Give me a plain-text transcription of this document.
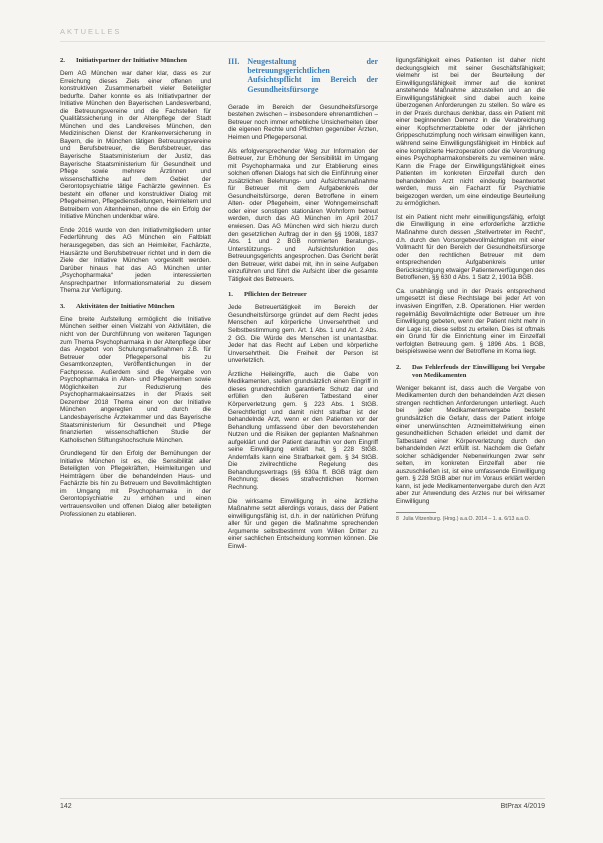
AKTUELLES
2.	Initiativpartner der Initiative München

Dem AG München war daher klar, dass es zur Erreichung dieses Ziels einer offenen und konstruktiven Zusammenarbeit vieler Beteiligter bedurfte. Daher konnte es als Initiativpartner der Initiative München den Bayerischen Landesverband, die Betreuungsvereine und die Fachstellen für Qualitätssicherung in der Altenpflege der Stadt München und des Landkreises München, den Medizinischen Dienst der Krankenversicherung in Bayern, die in München tätigen Betreuungsvereine und Berufsbetreuer, die Berufsbetreuer, das Bayerische Staatsministerium der Justiz, das Bayerische Staatsministerium für Gesundheit und Pflege sowie mehrere Ärztinnen und wissenschaftliche auf dem Gebiet der Gerontopsychiatrie tätige Fachärzte gewinnen. Es besteht ein offener und konstruktiver Dialog mit Pflegeheimen, Pflegedienstleitungen, Heimleitern und Betreibern von Altenheimen, ohne die ein Erfolg der Initiative München undenkbar wäre.

Ende 2016 wurde von den Initiativmitgliedern unter Federführung des AG München ein Faltblatt herausgegeben, das sich an Heimleiter, Fachärzte, Hausärzte und Berufsbetreuer richtet und in dem die Ziele der Initiative München vorgestellt werden. Darüber hinaus hat das AG München unter „Psychopharmaka“ jeden interessierten Ansprechpartner Informationsmaterial zu diesem Thema zur Verfügung.

3.	Aktivitäten der Initiative München

Eine breite Aufstellung ermöglicht die Initiative München seither einen Vielzahl von Aktivitäten, die nicht von der Durchführung von weiteren Tagungen zum Thema Psychopharmaka in der Altenpflege über das Angebot von Schulungsmaßnahmen z.B. für Betreuer oder Pflegepersonal bis zu Gesamtkonzepten, Veröffentlichungen in der Fachpresse. Außerdem sind die Vergabe von Psychopharmaka in Alten- und Pflegeheimen sowie Möglichkeiten zur Reduzierung des Psychopharmakaeinsatzes in der Praxis seit Dezember 2018 Thema einer von der Initiative München angeregten und durch die Landesbayerische Ärztekammer und das Bayerische Staatsministerium für Gesundheit und Pflege finanzierten wissenschaftlichen Studie der Katholischen Stiftungshochschule München.

Grundlegend für den Erfolg der Bemühungen der Initiative München ist es, die Sensibilität aller Beteiligten von Pflegekräften, Heimleitungen und Heimträgern über die behandelnden Haus- und Fachärzte bis hin zu Betreuern und Bevollmächtigten im Umgang mit Psychopharmaka in der Gerontopsychiatrie zu erhöhen und einen vertrauensvollen und offenen Dialog aller beteiligten Professionen zu etablieren.

III. Neugestaltung der betreuungsgerichtlichen Aufsichtspflicht im Bereich der Gesundheitsfürsorge

Gerade im Bereich der Gesundheitsfürsorge bestehen zwischen – insbesondere ehrenamtlichen – Betreuer noch immer erhebliche Unsicherheiten über die eigenen Rechte und Pflichten gegenüber Ärzten, Heimen und Pflegepersonal.

Als erfolgversprechender Weg zur Information der Betreuer, zur Erhöhung der Sensibilität im Umgang mit Psychopharmaka und zur Etablierung eines solchen offenen Dialogs hat sich die Einführung einer zusätzlichen Belehrungs- und Aufsichtsmaßnahme für Betreuer mit dem Aufgabenkreis der Gesundheitsfürsorge, deren Betroffene in einem Alten- oder Pflegeheim, einer Wohngemeinschaft oder einer sonstigen stationären Wohnform betreut werden, durch das AG München im April 2017 erwiesen. Das AG München wird sich hierzu durch den gesetzlichen Auftrag der in den §§ 1908i, 1837 Abs. 1 und 2 BGB normierten Beratungs-, Unterstützungs- und Aufsichtsfunktion des Betreuungsgerichts angesprochen. Das Gericht berät den Betreuer, wirkt dabei mit, ihn in seine Aufgaben einzuführen und führt die Aufsicht über die gesamte Tätigkeit des Betreuers.

1.	Pflichten der Betreuer

Jede Betreuertätigkeit im Bereich der Gesundheitsfürsorge gründet auf dem Recht jedes Menschen auf körperliche Unversehrtheit und Selbstbestimmung gem. Art. 1 Abs. 1 und Art. 2 Abs. 2 GG. Die Würde des Menschen ist unantastbar. Jeder hat das Recht auf Leben und körperliche Unversehrtheit. Die Freiheit der Person ist unverletzlich.

Ärztliche Heileingriffe, auch die Gabe von Medikamenten, stellen grundsätzlich einen Eingriff in dieses grundrechtlich garantierte Schutz dar und erfüllen den äußeren Tatbestand einer Körperverletzung gem. § 223 Abs. 1 StGB. Gerechtfertigt und damit nicht strafbar ist der behandelnde Arzt, wenn er den Patienten vor der Behandlung umfassend über den bevorstehenden Nutzen und die Risiken der geplanten Maßnahmen aufgeklärt und der Patient daraufhin vor dem Eingriff seine Einwilligung erklärt hat, § 228 StGB. Andernfalls kann eine Strafbarkeit gem. § 34 StGB. Die zivilrechtliche Regelung des Behandlungsvertrags (§§ 630a ff. BGB trägt dem Rechnung; dieses strafrechtlichen Normen Rechnung.

Die wirksame Einwilligung in eine ärztliche Maßnahme setzt allerdings voraus, dass der Patient einwilligungsfähig ist, d.h. in der natürlichen Prüfung aller für und gegen die Maßnahme sprechenden Argumente selbstbestimmt vom Willen Dritter zu einer sachlichen Entscheidung kommen können. Die Einwil-

ligungsfähigkeit eines Patienten ist daher nicht deckungsgleich mit seiner Geschäftsfähigkeit; vielmehr ist bei der Beurteilung der Einwilligungsfähigkeit immer auf die konkret anstehende Maßnahme abzustellen und an die Einwilligungsfähigkeit sind dabei auch keine überzogenen Anforderungen zu stellen. So wäre es in der Praxis durchaus denkbar, dass ein Patient mit einer beginnenden Demenz in die Verabreichung einer Kopfschmerztablette oder der jährlichen Grippeschutzimpfung noch wirksam einwilligen kann, während seine Einwilligungsfähigkeit im Hinblick auf eine komplizierte Herzoperation oder die Verordnung eines Psychopharmakonsbereits zu verneinen wäre. Kann die Frage der Einwilligungsfähigkeit eines Patienten im konkreten Einzelfall durch den behandelnden Arzt nicht eindeutig beantwortet werden, muss ein Facharzt für Psychiatrie beigezogen werden, um eine eindeutige Beurteilung zu ermöglichen.

Ist ein Patient nicht mehr einwilligungsfähig, erfolgt die Einwilligung in eine erforderliche ärztliche Maßnahme durch dessen „Stellvertreter im Recht“, d.h. durch den Vorsorgebevollmächtigten mit einer Vollmacht für den Bereich der Gesundheitsfürsorge oder den rechtlichen Betreuer mit dem entsprechenden Aufgabenkreis unter Berücksichtigung etwaiger Patientenverfügungen des Betroffenen, §§ 630 d Abs. 1 Satz 2, 1901a BGB.

Ca. unabhängig und in der Praxis entsprechend umgesetzt ist diese Rechtslage bei jeder Art von invasiven Eingriffen, z.B. Operationen. Hier werden regelmäßig Bevollmächtigte oder Betreuer um ihre Einwilligung gebeten, wenn der Patient nicht mehr in der Lage ist, diese selbst zu erteilen. Dies ist oftmals ein Grund für die Einrichtung einer im Einzelfall verfolgten Betreuung gem. § 1896 Abs. 1 BGB, beispielsweise wenn der Betroffene im Koma liegt.

2.	Das Fehlerfeuds der Einwilligung bei Vergabe von Medikamenten

Weniger bekannt ist, dass auch die Vergabe von Medikamenten durch den behandelnden Arzt diesen strengen rechtlichen Anforderungen unterliegt. Auch bei jeder Medikamentenvergabe besteht grundsätzlich die Gefahr, dass der Patient infolge einer unerwünschten Arzneimittelwirkung einen gesundheitlichen Schaden erleidet und damit der Tatbestand einer Körperverletzung durch den behandelnden Arzt erfüllt ist. Nachdem die Gefahr solcher schädigender Nebenwirkungen zwar sehr selten, im konkreten Einzelfall aber nie auszuschließen ist, ist eine umfassende Einwilligung gem. § 228 StGB aber nur im Voraus erklärt werden kann, ist jede Medikamentenvergabe durch den Arzt aber zur Anwendung des Arztes nur bei wirksamer Einwilligung

8 Julia Vitzenburg. (Hrsg.) a.a.O. 2014 – 1. a. 6/13 a.a.O.
142	BtPrax 4/2019
